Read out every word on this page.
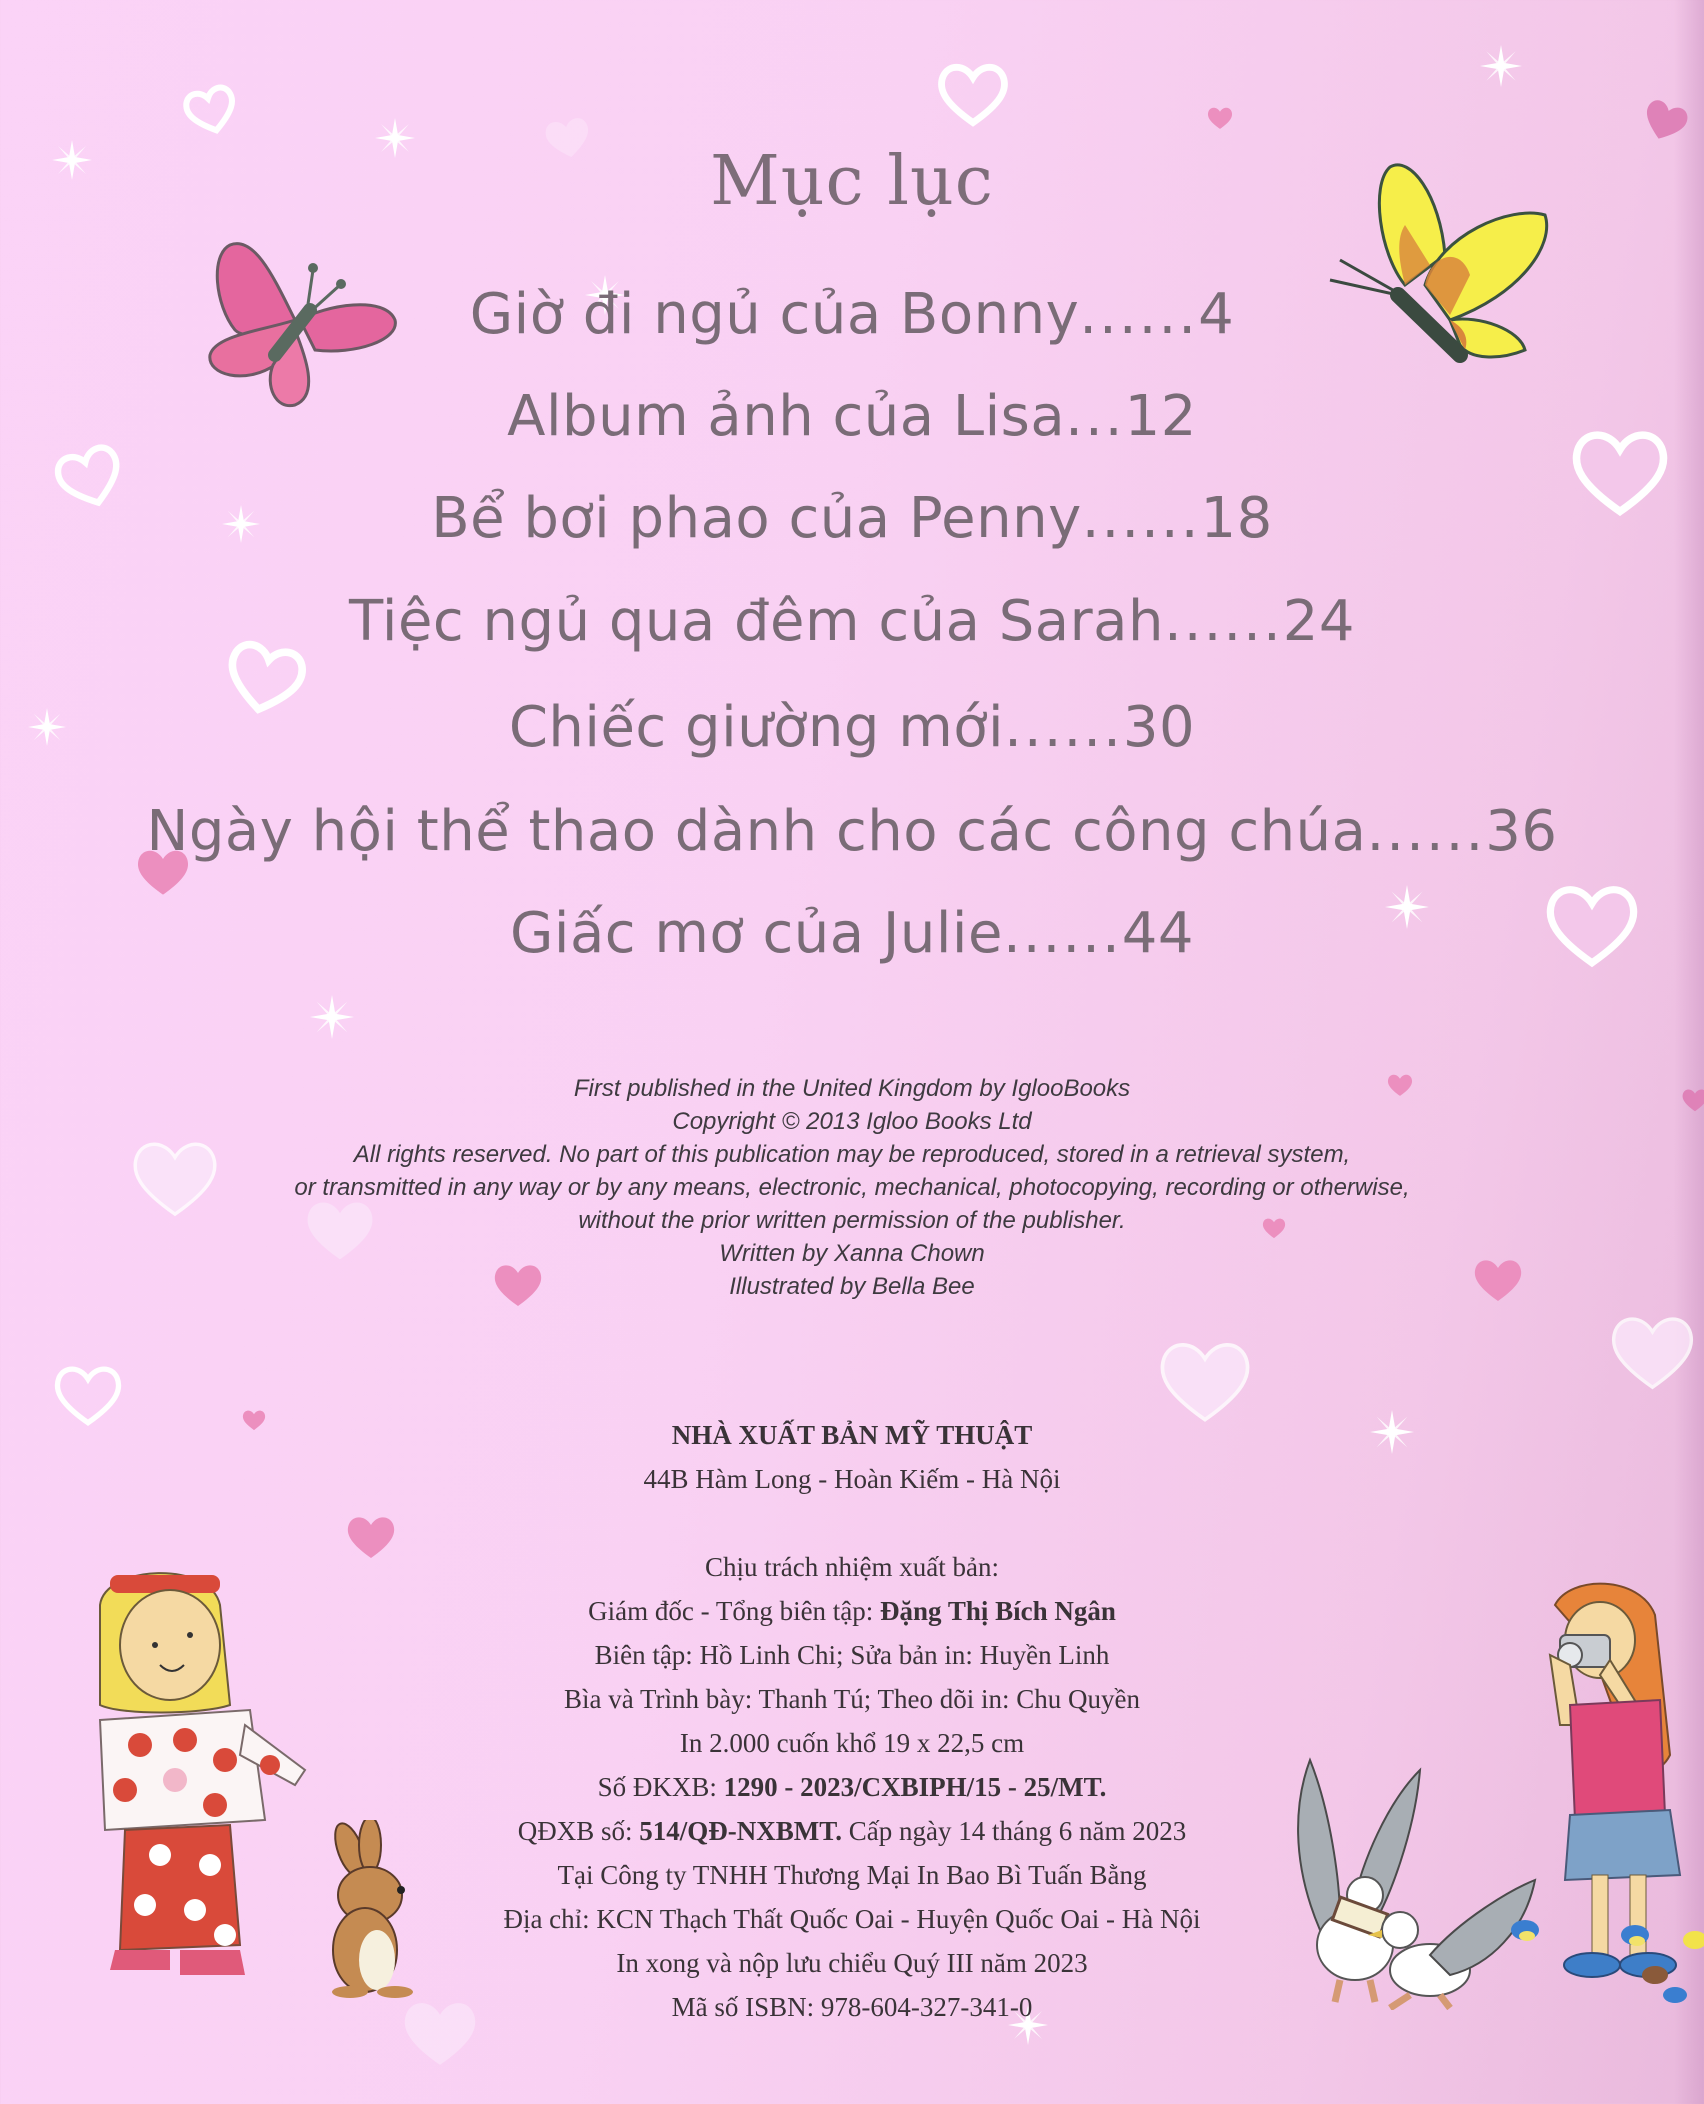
Mục lục
Giờ đi ngủ của Bonny......4
Album ảnh của Lisa...12
Bể bơi phao của Penny......18
Tiệc ngủ qua đêm của Sarah......24
Chiếc giường mới......30
Ngày hội thể thao dành cho các công chúa......36
Giấc mơ của Julie......44
First published in the United Kingdom by IglooBooks
Copyright © 2013 Igloo Books Ltd
All rights reserved. No part of this publication may be reproduced, stored in a retrieval system,
or transmitted in any way or by any means, electronic, mechanical, photocopying, recording or otherwise,
without the prior written permission of the publisher.
Written by Xanna Chown
Illustrated by Bella Bee
NHÀ XUẤT BẢN MỸ THUẬT
44B Hàm Long - Hoàn Kiếm - Hà Nội
Chịu trách nhiệm xuất bản:
Giám đốc - Tổng biên tập: Đặng Thị Bích Ngân
Biên tập: Hồ Linh Chi; Sửa bản in: Huyền Linh
Bìa và Trình bày: Thanh Tú; Theo dõi in: Chu Quyền
In 2.000 cuốn khổ 19 x 22,5 cm
Số ĐKXB: 1290 - 2023/CXBIPH/15 - 25/MT.
QĐXB số: 514/QĐ-NXBMT. Cấp ngày 14 tháng 6 năm 2023
Tại Công ty TNHH Thương Mại In Bao Bì Tuấn Bằng
Địa chỉ: KCN Thạch Thất Quốc Oai - Huyện Quốc Oai - Hà Nội
In xong và nộp lưu chiểu Quý III năm 2023
Mã số ISBN: 978-604-327-341-0
